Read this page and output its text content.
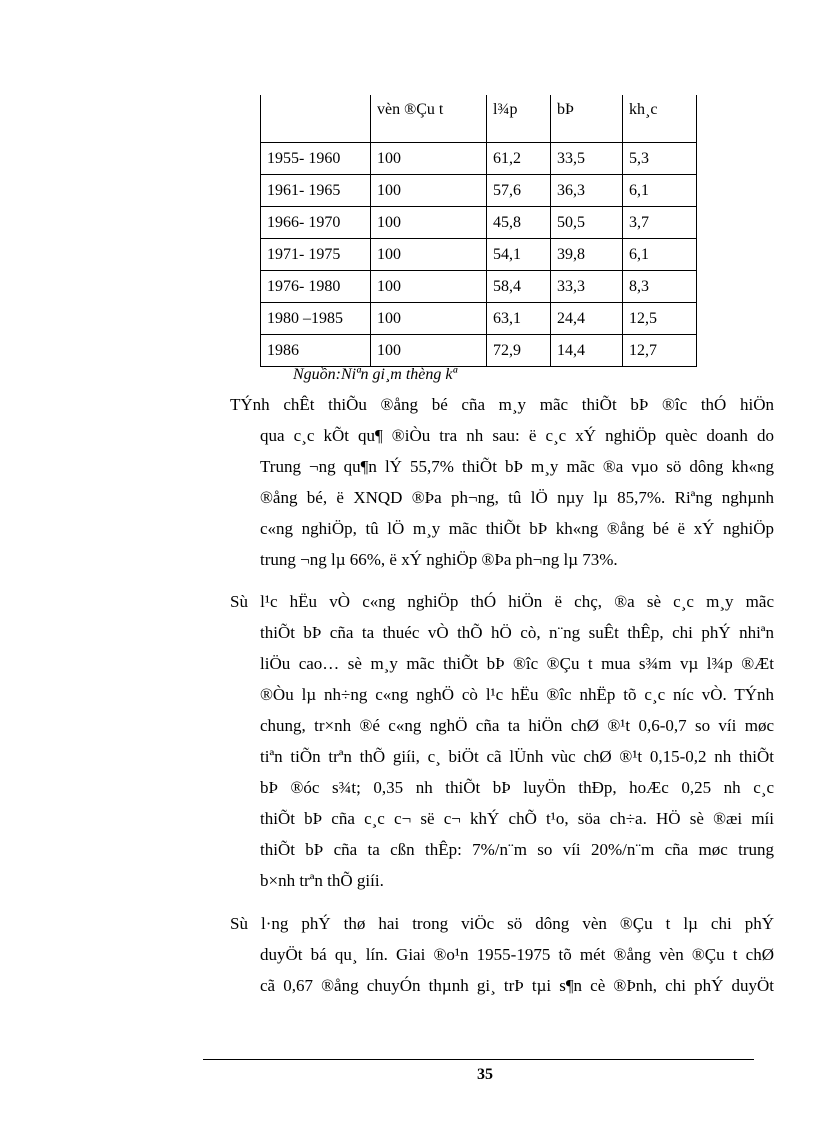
	vèn ®Çu t	l¾p	bÞ	kh¸c
1955- 1960	100	61,2	33,5	5,3
1961- 1965	100	57,6	36,3	6,1
1966- 1970	100	45,8	50,5	3,7
1971- 1975	100	54,1	39,8	6,1
1976- 1980	100	58,4	33,3	8,3
1980 –1985	100	63,1	24,4	12,5
1986	100	72,9	14,4	12,7
Nguồn:Niªn gi¸m thèng kª
TÝnh chÊt thiÕu ®ång bé cña m¸y mãc thiÕt bÞ ®îc thÓ hiÖn
qua c¸c kÕt qu¶ ®iÒu tra nh sau: ë c¸c xÝ nghiÖp quèc doanh do
Trung ¬ng qu¶n lÝ 55,7% thiÕt bÞ m¸y mãc ®a vµo sö dông kh«ng
®ång bé, ë XNQD ®Þa ph¬ng, tû lÖ nµy lµ 85,7%. Riªng nghµnh
c«ng nghiÖp, tû lÖ m¸y mãc thiÕt bÞ kh«ng ®ång bé ë xÝ nghiÖp
trung ¬ng lµ 66%, ë xÝ nghiÖp ®Þa ph¬ng lµ 73%.
Sù l¹c hËu vÒ c«ng nghiÖp thÓ hiÖn ë chç, ®a sè c¸c m¸y mãc
thiÕt bÞ cña ta thuéc vÒ thÕ hÖ cò, n¨ng suÊt thÊp, chi phÝ nhiªn
liÖu cao… sè m¸y mãc thiÕt bÞ ®îc ®Çu t mua s¾m vµ l¾p ®Æt
®Òu lµ nh÷ng c«ng nghÖ cò l¹c hËu ®îc nhËp tõ c¸c níc vÒ. TÝnh
chung, tr×nh ®é c«ng nghÖ cña ta hiÖn chØ ®¹t 0,6-0,7 so víi møc
tiªn tiÕn trªn thÕ giíi, c¸ biÖt cã lÜnh vùc chØ ®¹t 0,15-0,2 nh thiÕt
bÞ ®óc s¾t; 0,35 nh thiÕt bÞ luyÖn thÐp, hoÆc 0,25 nh c¸c
thiÕt bÞ cña c¸c c¬ së c¬ khÝ chÕ t¹o, söa ch÷a. HÖ sè ®æi míi
thiÕt bÞ cña ta cßn thÊp: 7%/n¨m so víi 20%/n¨m cña møc trung
b×nh trªn thÕ giíi.
Sù l·ng phÝ thø hai trong viÖc sö dông vèn ®Çu t lµ chi phÝ
duyÖt bá qu¸ lín. Giai ®o¹n 1955-1975 tõ mét ®ång vèn ®Çu t chØ
cã 0,67 ®ång chuyÓn thµnh gi¸ trÞ tµi s¶n cè ®Þnh, chi phÝ duyÖt
35
